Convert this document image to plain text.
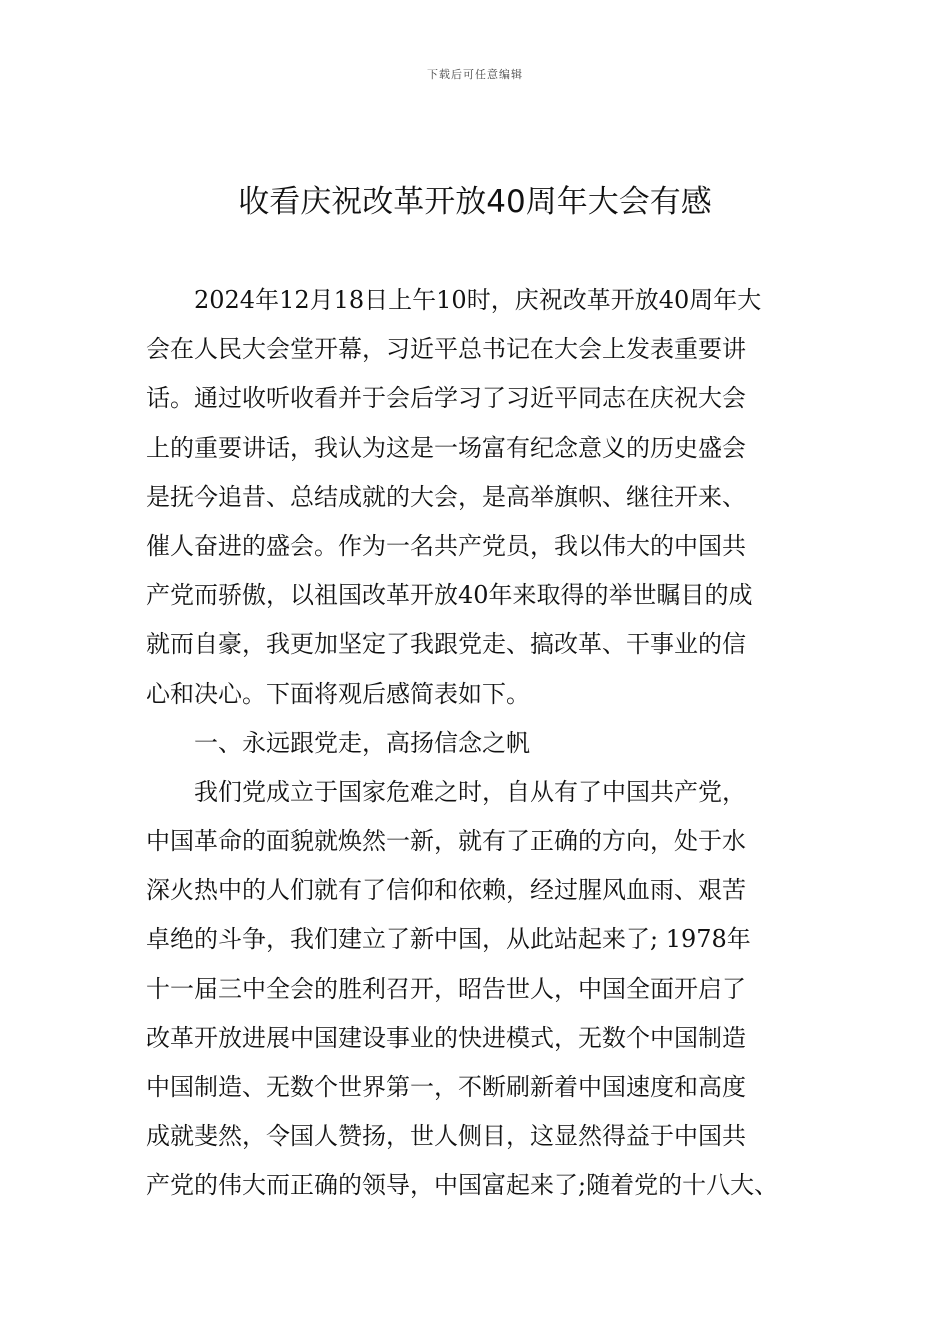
下载后可任意编辑
收看庆祝改革开放40周年大会有感
2024年12月18日上午10时，庆祝改革开放40周年大
会在人民大会堂开幕，习近平总书记在大会上发表重要讲
话。通过收听收看并于会后学习了习近平同志在庆祝大会
上的重要讲话，我认为这是一场富有纪念意义的历史盛会
是抚今追昔、总结成就的大会，是高举旗帜、继往开来、
催人奋进的盛会。作为一名共产党员，我以伟大的中国共
产党而骄傲，以祖国改革开放40年来取得的举世瞩目的成
就而自豪，我更加坚定了我跟党走、搞改革、干事业的信
心和决心。下面将观后感简表如下。
一、永远跟党走，高扬信念之帆
我们党成立于国家危难之时，自从有了中国共产党，
中国革命的面貌就焕然一新，就有了正确的方向，处于水
深火热中的人们就有了信仰和依赖，经过腥风血雨、艰苦
卓绝的斗争，我们建立了新中国，从此站起来了; 1978年
十一届三中全会的胜利召开，昭告世人，中国全面开启了
改革开放进展中国建设事业的快进模式，无数个中国制造
中国制造、无数个世界第一，不断刷新着中国速度和高度
成就斐然，令国人赞扬，世人侧目，这显然得益于中国共
产党的伟大而正确的领导，中国富起来了;随着党的十八大、
